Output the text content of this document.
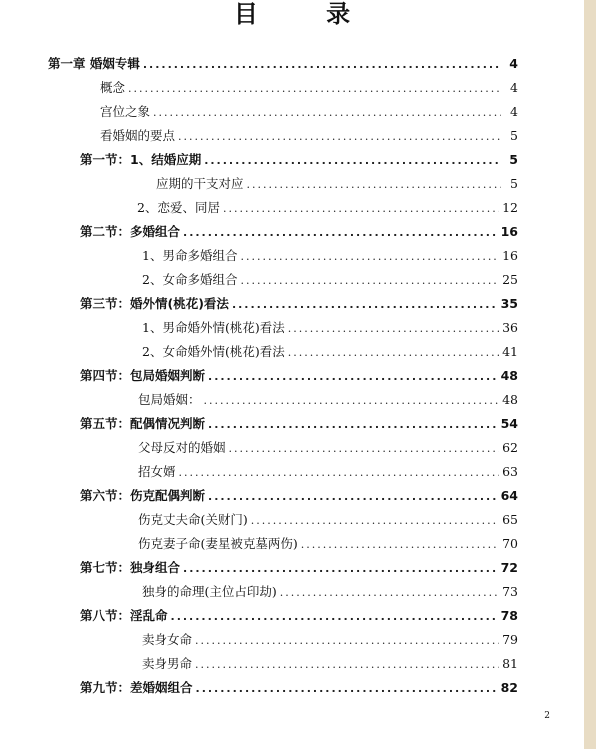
目 录
第一章 婚姻专辑 .....	4
概念 .....	4
宫位之象 .....	4
看婚姻的要点 .....	5
第一节：1、结婚应期 .....	5
应期的干支对应 .....	5
2、恋爱、同居 .....	12
第二节：多婚组合 .....	16
1、男命多婚组合 .....	16
2、女命多婚组合 .....	25
第三节：婚外情(桃花)看法 .....	35
1、男命婚外情(桃花)看法 .....	36
2、女命婚外情(桃花)看法 .....	41
第四节：包局婚姻判断 .....	48
包局婚姻： .....	48
第五节：配偶情况判断 .....	54
父母反对的婚姻 .....	62
招女婿 .....	63
第六节：伤克配偶判断 .....	64
伤克丈夫命(关财门) .....	65
伤克妻子命(妻星被克墓两伤) .....	70
第七节：独身组合 .....	72
独身的命理(主位占印劫) .....	73
第八节：淫乱命 .....	78
卖身女命 .....	79
卖身男命 .....	81
第九节：差婚姻组合 .....	82
2
